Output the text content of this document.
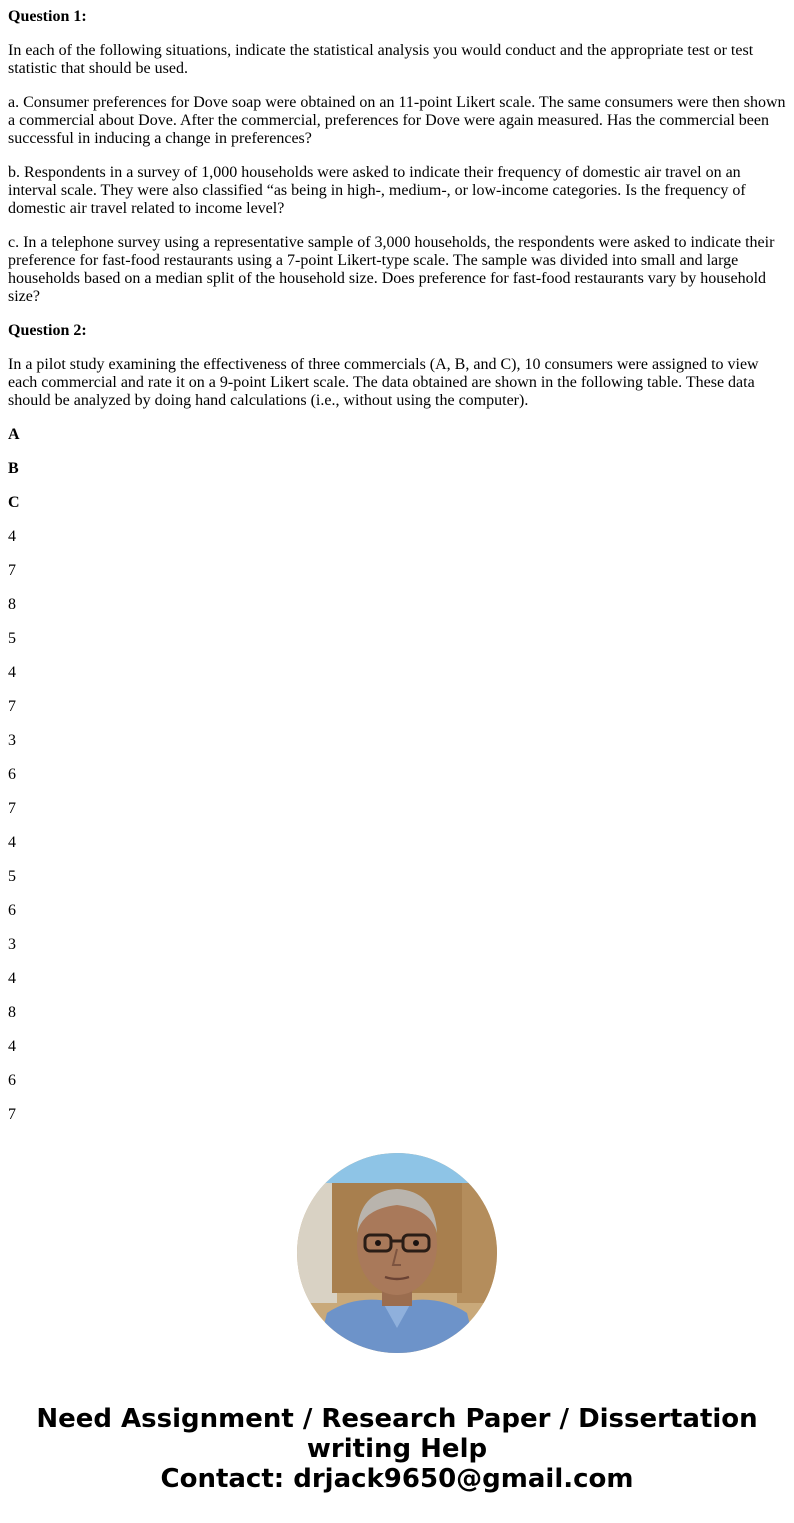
Question 1:

In each of the following situations, indicate the statistical analysis you would conduct and the appropriate test or test statistic that should be used.

a. Consumer preferences for Dove soap were obtained on an 11-point Likert scale. The same consumers were then shown a commercial about Dove. After the commercial, preferences for Dove were again measured. Has the commercial been successful in inducing a change in preferences?

b. Respondents in a survey of 1,000 households were asked to indicate their frequency of domestic air travel on an interval scale. They were also classified “as being in high-, medium-, or low-income categories. Is the frequency of domestic air travel related to income level?

c. In a telephone survey using a representative sample of 3,000 households, the respondents were asked to indicate their preference for fast-food restaurants using a 7-point Likert-type scale. The sample was divided into small and large households based on a median split of the household size. Does preference for fast-food restaurants vary by household size?

Question 2:

In a pilot study examining the effectiveness of three commercials (A, B, and C), 10 consumers were assigned to view each commercial and rate it on a 9-point Likert scale. The data obtained are shown in the following table. These data should be analyzed by doing hand calculations (i.e., without using the computer).

A

B

C

4

7

8

5

4

7

3

6

7

4

5

6

3

4

8

4

6

7

Need Assignment / Research Paper / Dissertation
writing Help
Contact: drjack9650@gmail.com
